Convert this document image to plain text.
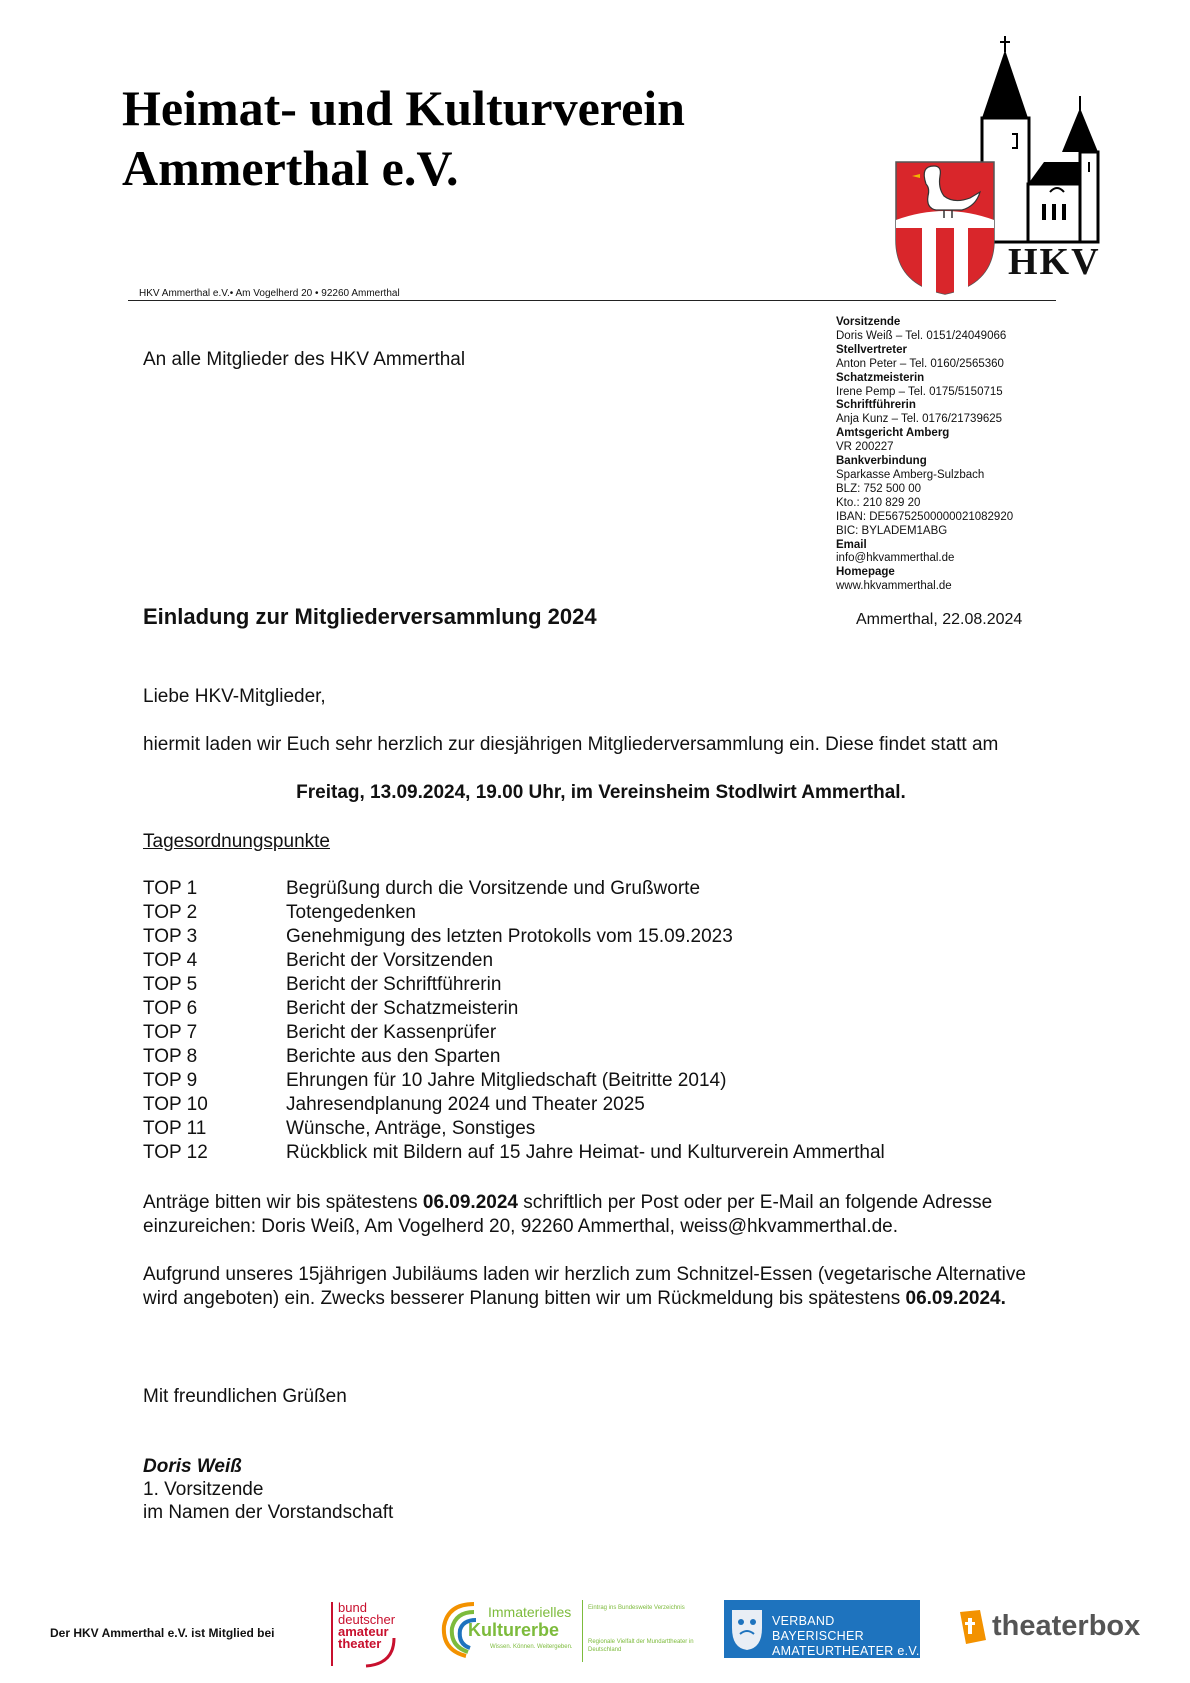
Heimat- und Kulturverein
Ammerthal e.V.
HKV
HKV Ammerthal e.V.• Am Vogelherd 20 • 92260 Ammerthal
An alle Mitglieder des HKV Ammerthal
Vorsitzende
Doris Weiß – Tel. 0151/24049066
Stellvertreter
Anton Peter – Tel. 0160/2565360
Schatzmeisterin
Irene Pemp – Tel. 0175/5150715
Schriftführerin
Anja Kunz – Tel. 0176/21739625
Amtsgericht Amberg
VR 200227
Bankverbindung
Sparkasse Amberg-Sulzbach
BLZ: 752 500 00
Kto.: 210 829 20
IBAN: DE56752500000021082920
BIC: BYLADEM1ABG
Email
info@hkvammerthal.de
Homepage
www.hkvammerthal.de
Einladung zur Mitgliederversammlung 2024	Ammerthal, 22.08.2024
Liebe HKV-Mitglieder,
hiermit laden wir Euch sehr herzlich zur diesjährigen Mitgliederversammlung ein. Diese findet statt am
Freitag, 13.09.2024, 19.00 Uhr, im Vereinsheim Stodlwirt Ammerthal.
Tagesordnungspunkte
TOP 1	Begrüßung durch die Vorsitzende und Grußworte
TOP 2	Totengedenken
TOP 3	Genehmigung des letzten Protokolls vom 15.09.2023
TOP 4	Bericht der Vorsitzenden
TOP 5	Bericht der Schriftführerin
TOP 6	Bericht der Schatzmeisterin
TOP 7	Bericht der Kassenprüfer
TOP 8	Berichte aus den Sparten
TOP 9	Ehrungen für 10 Jahre Mitgliedschaft (Beitritte 2014)
TOP 10	Jahresendplanung 2024 und Theater 2025
TOP 11	Wünsche, Anträge, Sonstiges
TOP 12	Rückblick mit Bildern auf 15 Jahre Heimat- und Kulturverein Ammerthal
Anträge bitten wir bis spätestens 06.09.2024 schriftlich per Post oder per E-Mail an folgende Adresse einzureichen: Doris Weiß, Am Vogelherd 20, 92260 Ammerthal, weiss@hkvammerthal.de.
Aufgrund unseres 15jährigen Jubiläums laden wir herzlich zum Schnitzel-Essen (vegetarische Alternative wird angeboten) ein. Zwecks besserer Planung bitten wir um Rückmeldung bis spätestens 06.09.2024.
Mit freundlichen Grüßen
Doris Weiß
1. Vorsitzende
im Namen der Vorstandschaft
Der HKV Ammerthal e.V. ist Mitglied bei
bund
deutscher
amateur
theater
Immaterielles
Kulturerbe
Wissen. Können. Weitergeben.
Eintrag ins Bundesweite Verzeichnis
Regionale Vielfalt der Mundarttheater in Deutschland
VERBAND BAYERISCHER
AMATEURTHEATER e.V.
theaterbox
